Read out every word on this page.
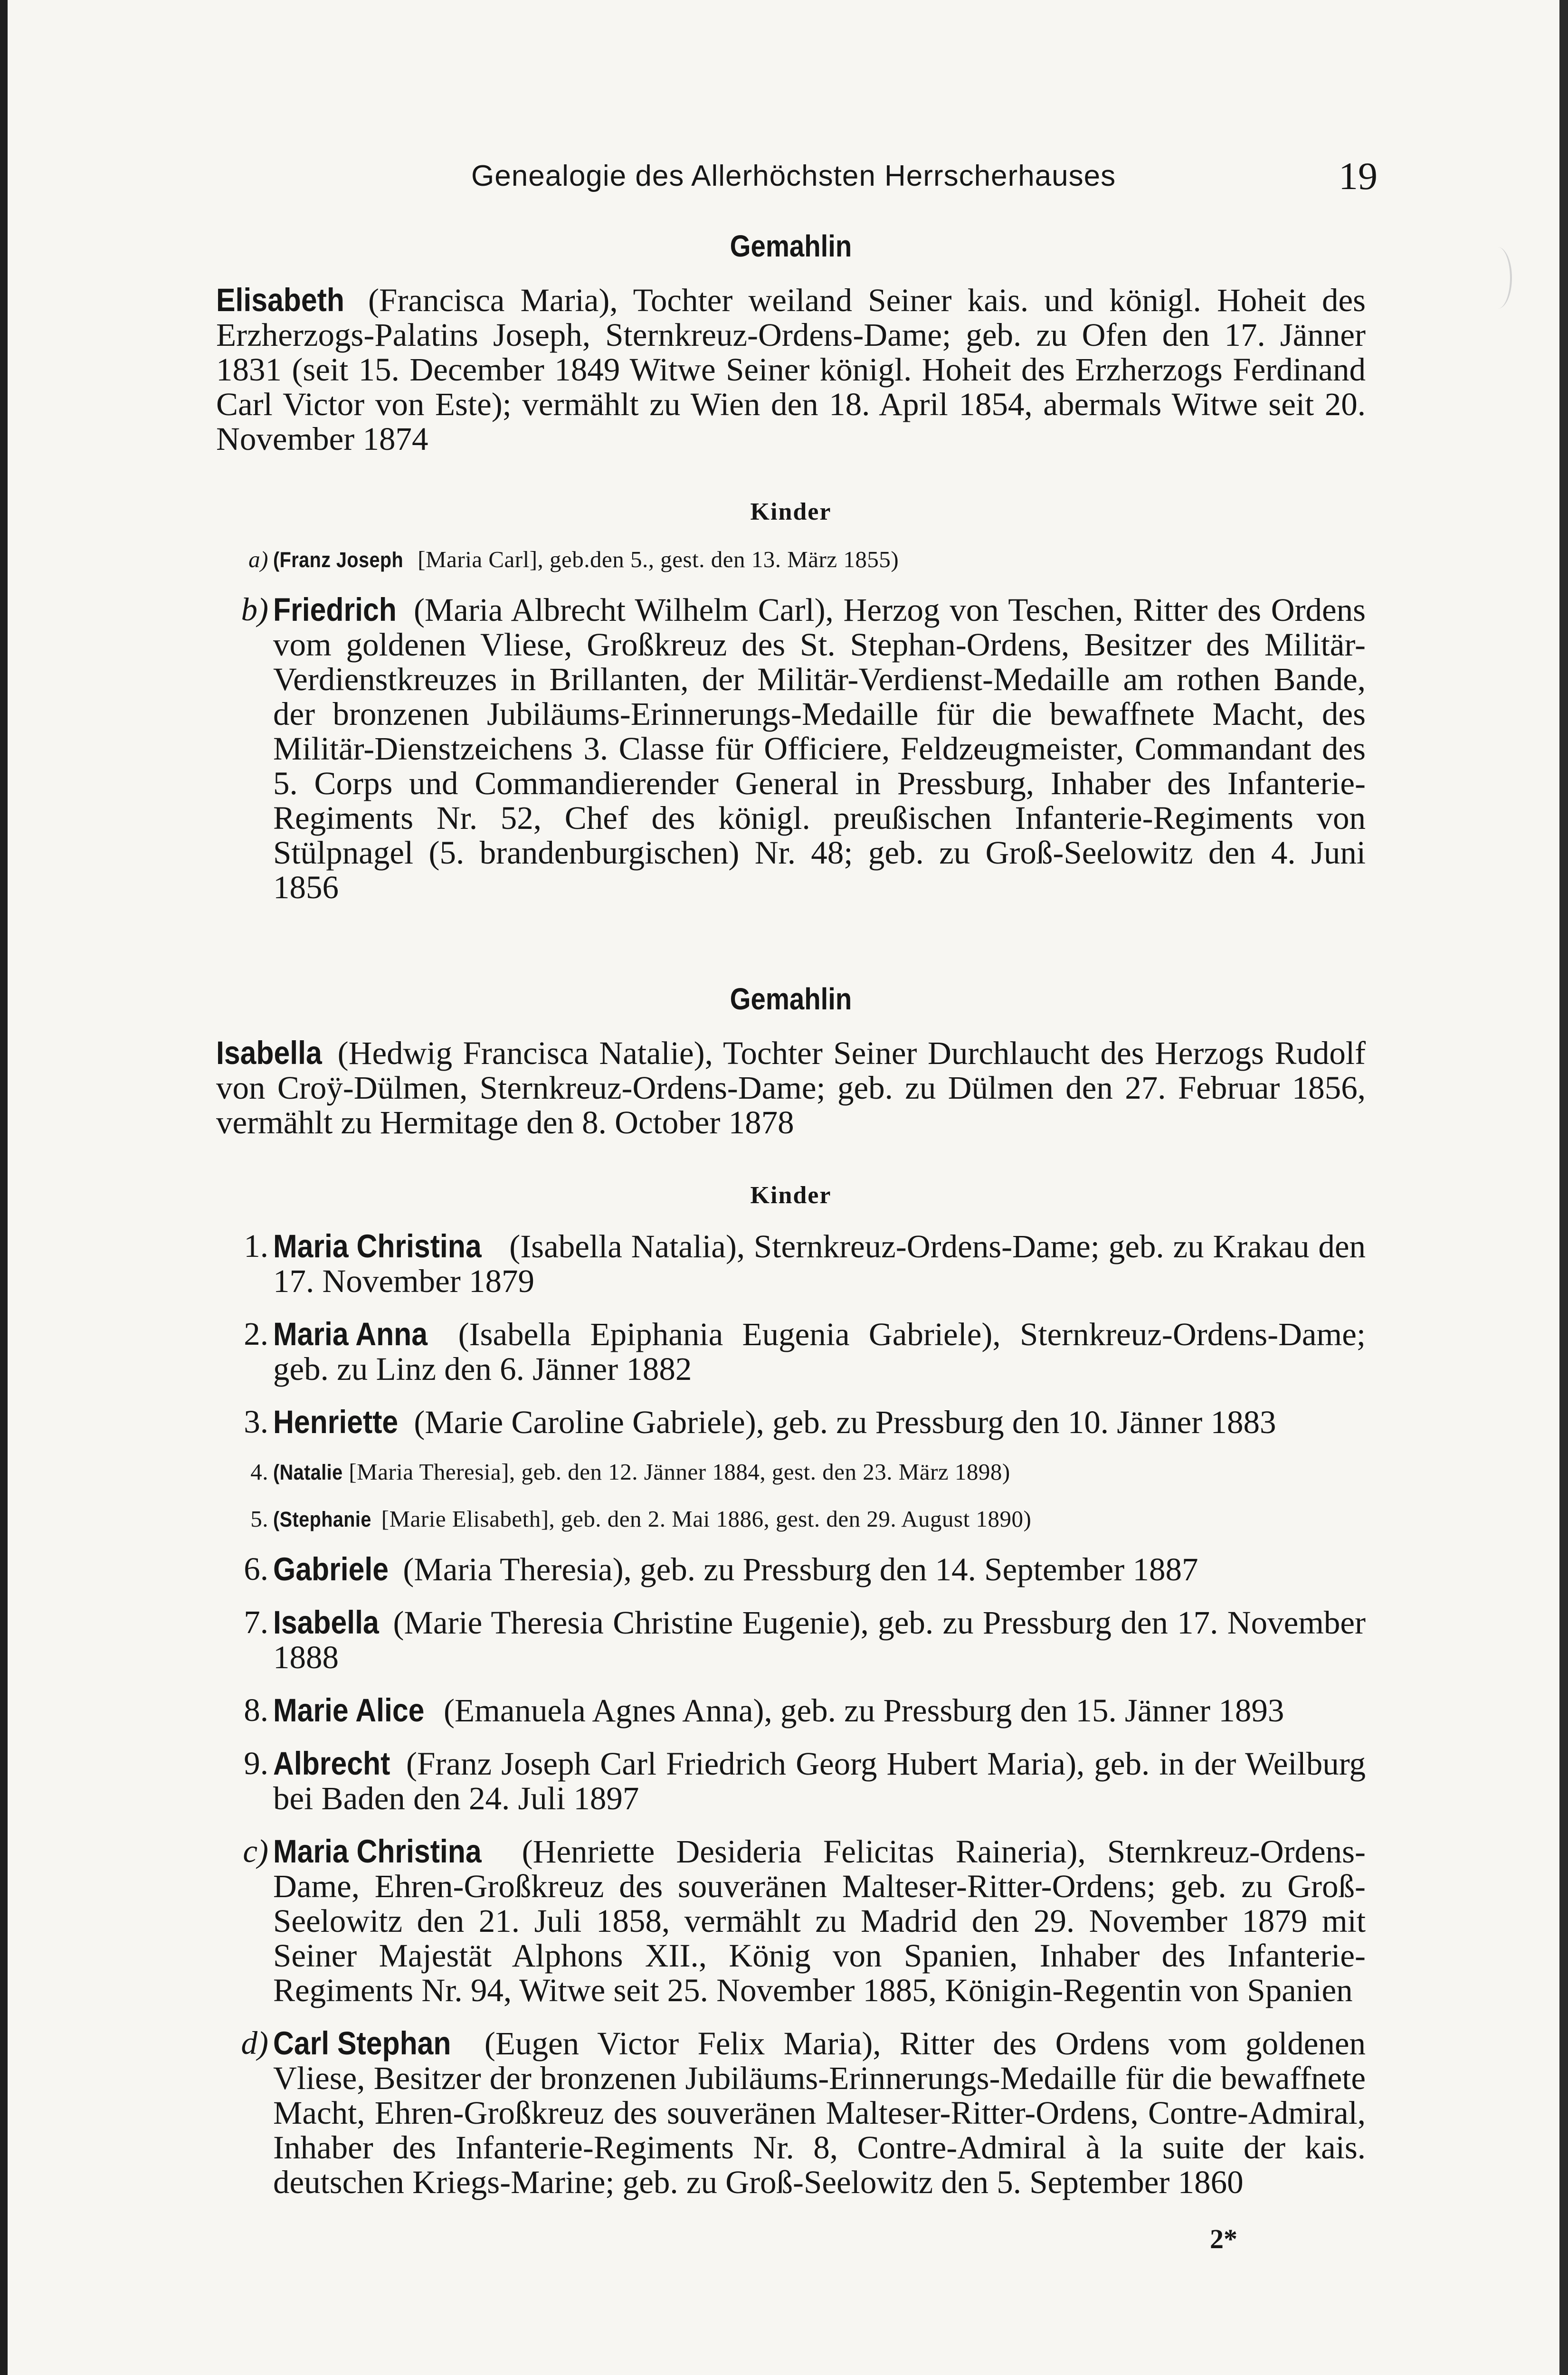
Genealogie des Allerhöchsten Herrscherhauses	19

Gemahlin

Elisabeth (Francisca Maria), Tochter weiland Seiner kais. und königl. Hoheit des Erzherzogs-Palatins Joseph, Sternkreuz-Ordens-Dame; geb. zu Ofen den 17. Jänner 1831 (seit 15. December 1849 Witwe Seiner königl. Hoheit des Erzherzogs Ferdinand Carl Victor von Este); vermählt zu Wien den 18. April 1854, abermals Witwe seit 20. November 1874

Kinder

a) (Franz Joseph [Maria Carl], geb.den 5., gest. den 13. März 1855)

b) Friedrich (Maria Albrecht Wilhelm Carl), Herzog von Teschen, Ritter des Ordens vom goldenen Vliese, Großkreuz des St. Stephan-Ordens, Besitzer des Militär-Verdienstkreuzes in Brillanten, der Militär-Verdienst-Medaille am rothen Bande, der bronzenen Jubiläums-Erinnerungs-Medaille für die bewaffnete Macht, des Militär-Dienstzeichens 3. Classe für Officiere, Feldzeugmeister, Commandant des 5. Corps und Commandierender General in Pressburg, Inhaber des Infanterie-Regiments Nr. 52, Chef des königl. preußischen Infanterie-Regiments von Stülpnagel (5. brandenburgischen) Nr. 48; geb. zu Groß-Seelowitz den 4. Juni 1856

Gemahlin

Isabella (Hedwig Francisca Natalie), Tochter Seiner Durchlaucht des Herzogs Rudolf von Croÿ-Dülmen, Sternkreuz-Ordens-Dame; geb. zu Dülmen den 27. Februar 1856, vermählt zu Hermitage den 8. October 1878

Kinder

1. Maria Christina (Isabella Natalia), Sternkreuz-Ordens-Dame; geb. zu Krakau den 17. November 1879

2. Maria Anna (Isabella Epiphania Eugenia Gabriele), Sternkreuz-Ordens-Dame; geb. zu Linz den 6. Jänner 1882

3. Henriette (Marie Caroline Gabriele), geb. zu Pressburg den 10. Jänner 1883

4. (Natalie [Maria Theresia], geb. den 12. Jänner 1884, gest. den 23. März 1898)

5. (Stephanie [Marie Elisabeth], geb. den 2. Mai 1886, gest. den 29. August 1890)

6. Gabriele (Maria Theresia), geb. zu Pressburg den 14. September 1887

7. Isabella (Marie Theresia Christine Eugenie), geb. zu Pressburg den 17. November 1888

8. Marie Alice (Emanuela Agnes Anna), geb. zu Pressburg den 15. Jänner 1893

9. Albrecht (Franz Joseph Carl Friedrich Georg Hubert Maria), geb. in der Weilburg bei Baden den 24. Juli 1897

c) Maria Christina (Henriette Desideria Felicitas Raineria), Sternkreuz-Ordens-Dame, Ehren-Großkreuz des souveränen Malteser-Ritter-Ordens; geb. zu Groß-Seelowitz den 21. Juli 1858, vermählt zu Madrid den 29. November 1879 mit Seiner Majestät Alphons XII., König von Spanien, Inhaber des Infanterie-Regiments Nr. 94, Witwe seit 25. November 1885, Königin-Regentin von Spanien

d) Carl Stephan (Eugen Victor Felix Maria), Ritter des Ordens vom goldenen Vliese, Besitzer der bronzenen Jubiläums-Erinnerungs-Medaille für die bewaffnete Macht, Ehren-Großkreuz des souveränen Malteser-Ritter-Ordens, Contre-Admiral, Inhaber des Infanterie-Regiments Nr. 8, Contre-Admiral à la suite der kais. deutschen Kriegs-Marine; geb. zu Groß-Seelowitz den 5. September 1860

2*
